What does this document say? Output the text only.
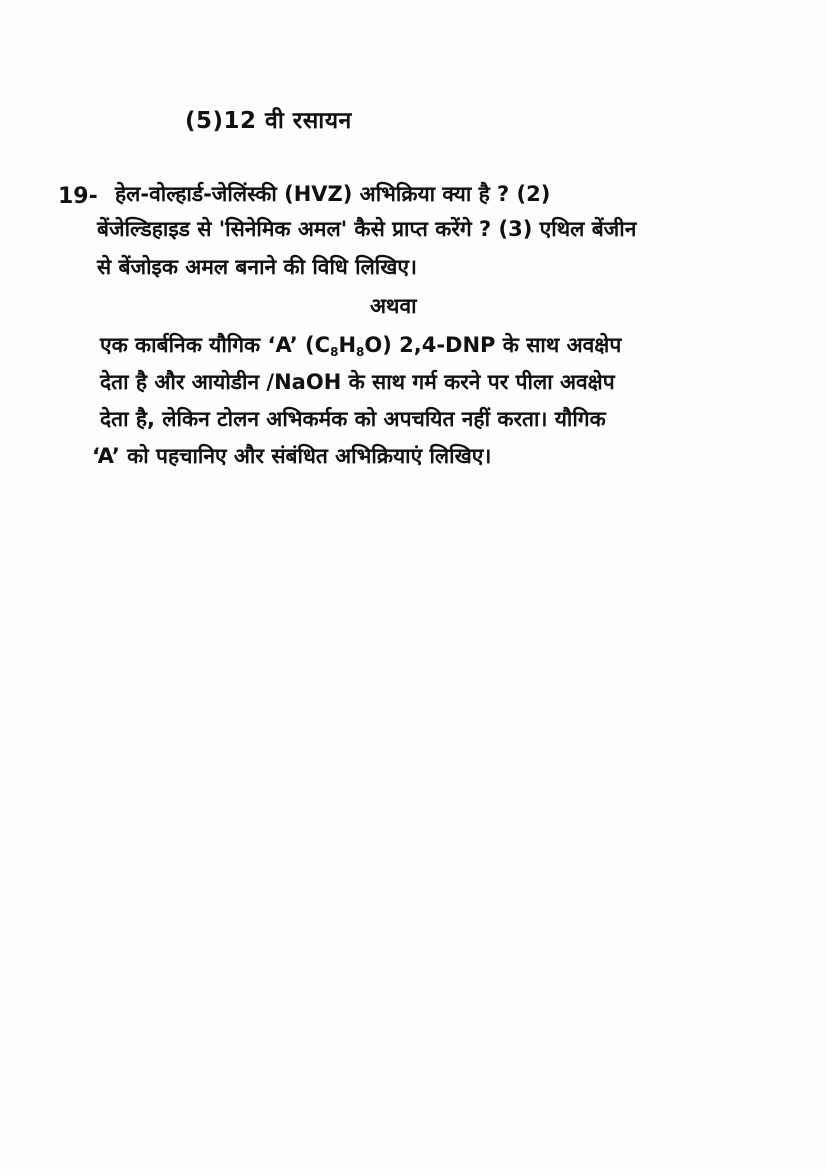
(5)12 वी रसायन
19- हेल-वोल्हार्ड-जेलिंस्की (HVZ) अभिक्रिया क्या है ? (2)
बेंजेल्डिहाइड से 'सिनेमिक अमल' कैसे प्राप्त करेंगे ? (3) एथिल बेंजीन
से बेंजोइक अमल बनाने की विधि लिखिए।
अथवा
एक कार्बनिक यौगिक ‘A’ $(C_8H_8O)$ 2,4-DNP के साथ अवक्षेप
देता है और आयोडीन /NaOH के साथ गर्म करने पर पीला अवक्षेप
देता है, लेकिन टोलन अभिकर्मक को अपचयित नहीं करता। यौगिक
‘A’ को पहचानिए और संबंधित अभिक्रियाएं लिखिए।
